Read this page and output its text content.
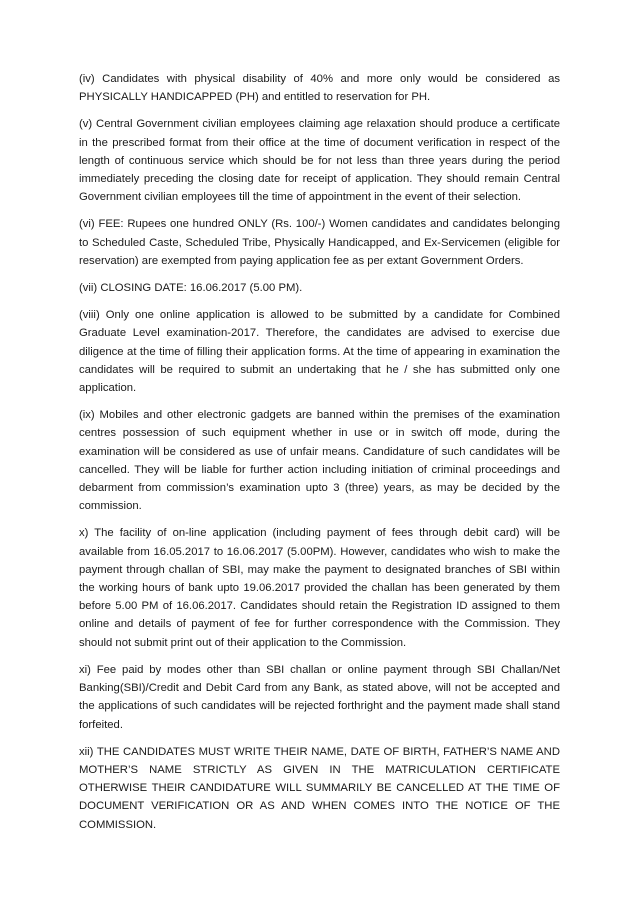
(iv) Candidates with physical disability of 40% and more only would be considered as PHYSICALLY HANDICAPPED (PH) and entitled to reservation for PH.

(v) Central Government civilian employees claiming age relaxation should produce a certificate in the prescribed format from their office at the time of document verification in respect of the length of continuous service which should be for not less than three years during the period immediately preceding the closing date for receipt of application. They should remain Central Government civilian employees till the time of appointment in the event of their selection.

(vi) FEE: Rupees one hundred ONLY (Rs. 100/-) Women candidates and candidates belonging to Scheduled Caste, Scheduled Tribe, Physically Handicapped, and Ex-Servicemen (eligible for reservation) are exempted from paying application fee as per extant Government Orders.

(vii) CLOSING DATE: 16.06.2017 (5.00 PM).

(viii) Only one online application is allowed to be submitted by a candidate for Combined Graduate Level examination-2017. Therefore, the candidates are advised to exercise due diligence at the time of filling their application forms. At the time of appearing in examination the candidates will be required to submit an undertaking that he / she has submitted only one application.

(ix) Mobiles and other electronic gadgets are banned within the premises of the examination centres possession of such equipment whether in use or in switch off mode, during the examination will be considered as use of unfair means. Candidature of such candidates will be cancelled. They will be liable for further action including initiation of criminal proceedings and debarment from commission’s examination upto 3 (three) years, as may be decided by the commission.

x) The facility of on-line application (including payment of fees through debit card) will be available from 16.05.2017 to 16.06.2017 (5.00PM). However, candidates who wish to make the payment through challan of SBI, may make the payment to designated branches of SBI within the working hours of bank upto 19.06.2017 provided the challan has been generated by them before 5.00 PM of 16.06.2017. Candidates should retain the Registration ID assigned to them online and details of payment of fee for further correspondence with the Commission. They should not submit print out of their application to the Commission.

xi) Fee paid by modes other than SBI challan or online payment through SBI Challan/Net Banking(SBI)/Credit and Debit Card from any Bank, as stated above, will not be accepted and the applications of such candidates will be rejected forthright and the payment made shall stand forfeited.

xii) THE CANDIDATES MUST WRITE THEIR NAME, DATE OF BIRTH, FATHER’S NAME AND MOTHER’S NAME STRICTLY AS GIVEN IN THE MATRICULATION CERTIFICATE OTHERWISE THEIR CANDIDATURE WILL SUMMARILY BE CANCELLED AT THE TIME OF DOCUMENT VERIFICATION OR AS AND WHEN COMES INTO THE NOTICE OF THE COMMISSION.
